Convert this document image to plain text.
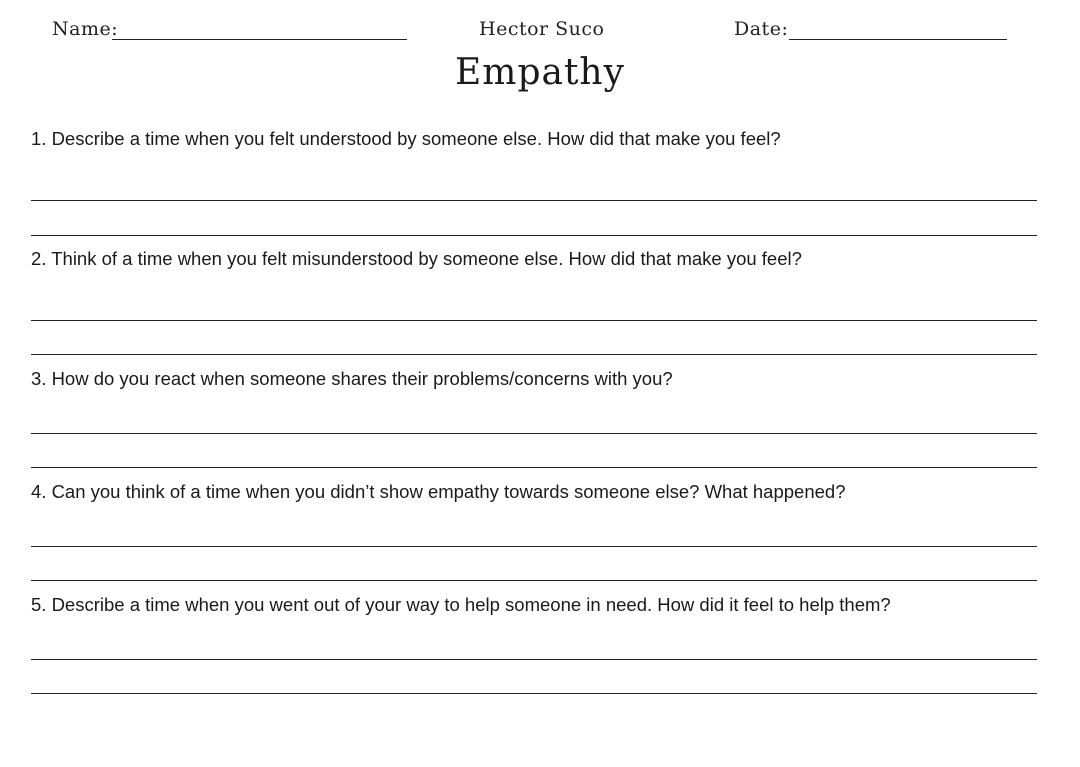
Name:	Hector Suco	Date:
Empathy
1. Describe a time when you felt understood by someone else. How did that make you feel?
2. Think of a time when you felt misunderstood by someone else. How did that make you feel?
3. How do you react when someone shares their problems/concerns with you?
4. Can you think of a time when you didn’t show empathy towards someone else? What happened?
5. Describe a time when you went out of your way to help someone in need. How did it feel to help them?
